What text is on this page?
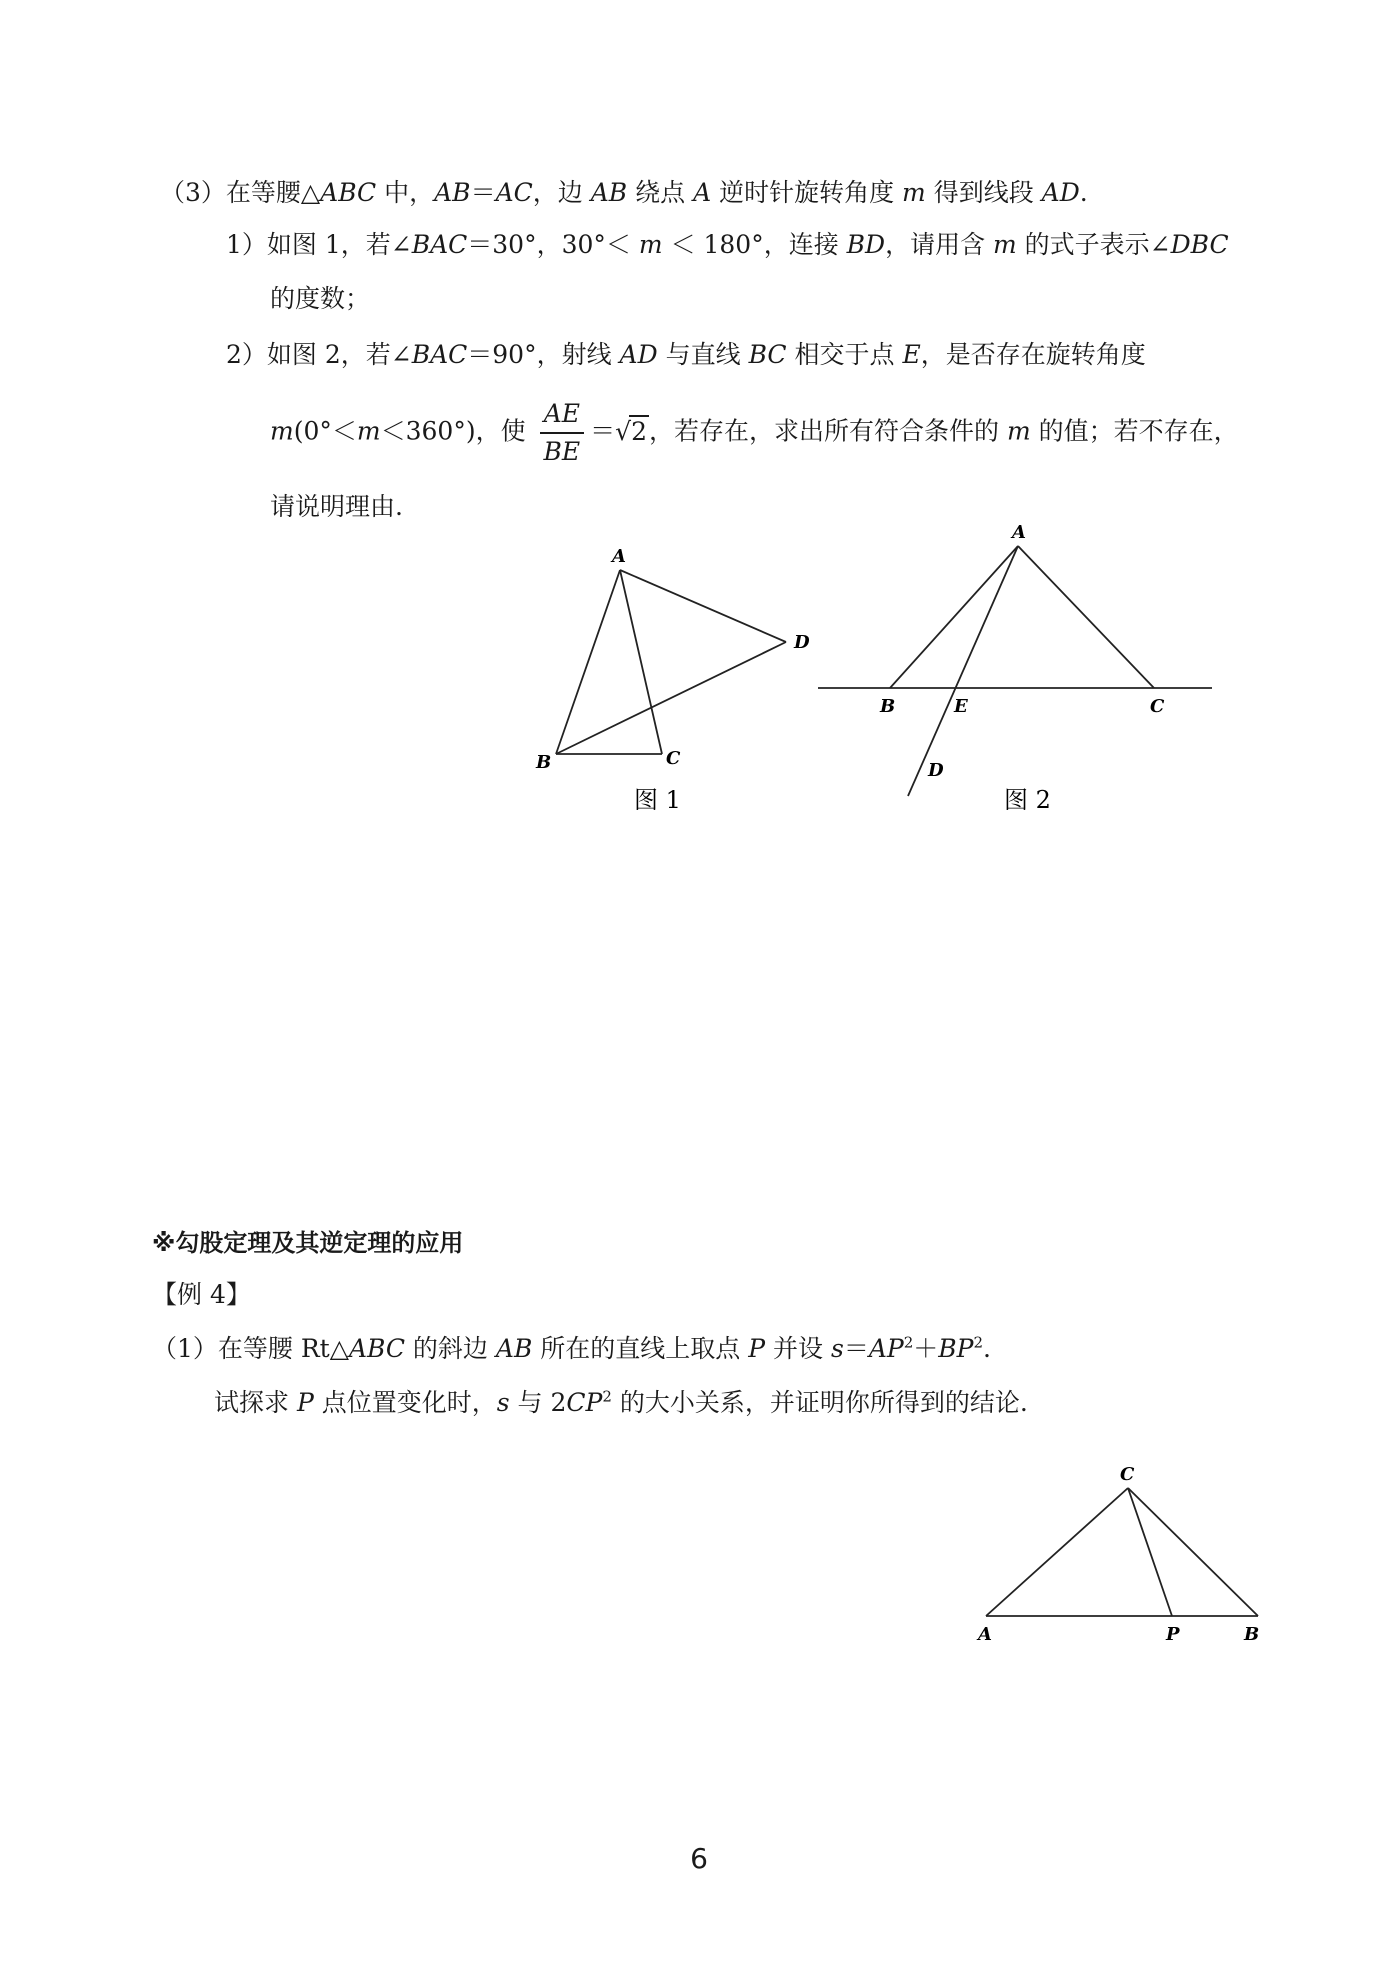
（3）在等腰△ABC 中，AB＝AC，边 AB 绕点 A 逆时针旋转角度 m 得到线段 AD.
1）如图 1，若∠BAC＝30°，30°＜ m ＜ 180°，连接 BD，请用含 m 的式子表示∠DBC
的度数；
2）如图 2，若∠BAC＝90°，射线 AD 与直线 BC 相交于点 E，是否存在旋转角度
m(0°＜m＜360°)，使 $\frac{AE}{BE} =√2$，若存在，求出所有符合条件的 m 的值；若不存在，
请说明理由.
A
B	C
D
图 1
A
B	E	C
D
图 2
※勾股定理及其逆定理的应用
【例 4】
（1）在等腰 Rt△ABC 的斜边 AB 所在的直线上取点 P 并设 $s=AP^2+BP^2$.
试探求 P 点位置变化时，s 与 $2CP^2$ 的大小关系，并证明你所得到的结论.
C
A	P	B
6
